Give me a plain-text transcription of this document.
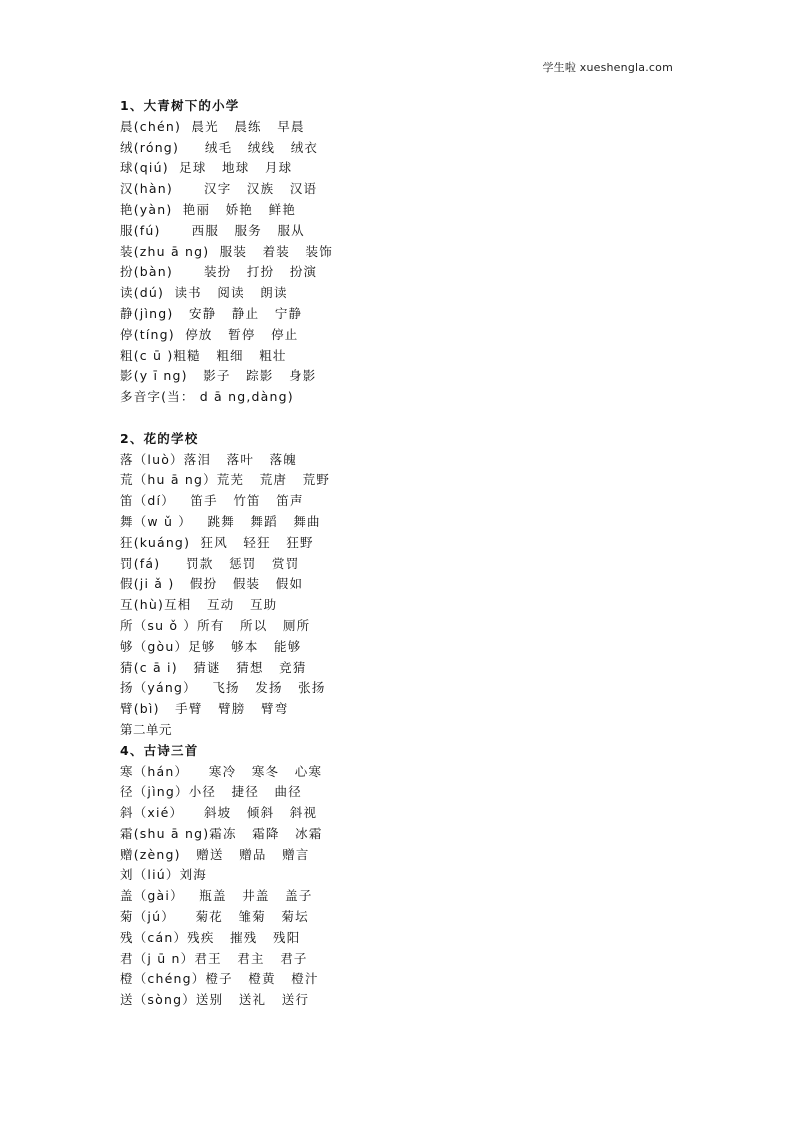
学生啦 xueshengla.com
1、大青树下的小学
晨(chén)  晨光   晨练   早晨
绒(róng)     绒毛   绒线   绒衣
球(qiú)  足球   地球   月球
汉(hàn)      汉字   汉族   汉语
艳(yàn)  艳丽   娇艳   鲜艳
服(fú)      西服   服务   服从
装(zhu ā ng)  服装   着装   装饰
扮(bàn)      装扮   打扮   扮演
读(dú)  读书   阅读   朗读
静(jìng)   安静   静止   宁静
停(tíng)  停放   暂停   停止
粗(c ū )粗糙   粗细   粗壮
影(y ī ng)   影子   踪影   身影
多音字(当： d ā ng,dàng)
2、花的学校
落（luò）落泪   落叶   落魄
荒（hu ā ng）荒芜   荒唐   荒野
笛（dí）   笛手   竹笛   笛声
舞（w ǔ ）   跳舞   舞蹈   舞曲
狂(kuáng)  狂风   轻狂   狂野
罚(fá)     罚款   惩罚   赏罚
假(ji ǎ )   假扮   假装   假如
互(hù)互相   互动   互助
所（su ǒ ）所有   所以   厕所
够（gòu）足够   够本   能够
猜(c ā i)   猜谜   猜想   竞猜
扬（yáng）   飞扬   发扬   张扬
臂(bì)   手臂   臂膀   臂弯
第二单元
4、古诗三首
寒（hán）    寒冷   寒冬   心寒
径（jìng）小径   捷径   曲径
斜（xié）    斜坡   倾斜   斜视
霜(shu ā ng)霜冻   霜降   冰霜
赠(zèng)   赠送   赠品   赠言
刘（liú）刘海
盖（gài）   瓶盖   井盖   盖子
菊（jú）    菊花   雏菊   菊坛
残（cán）残疾   摧残   残阳
君（j ū n）君王   君主   君子
橙（chéng）橙子   橙黄   橙汁
送（sòng）送别   送礼   送行
